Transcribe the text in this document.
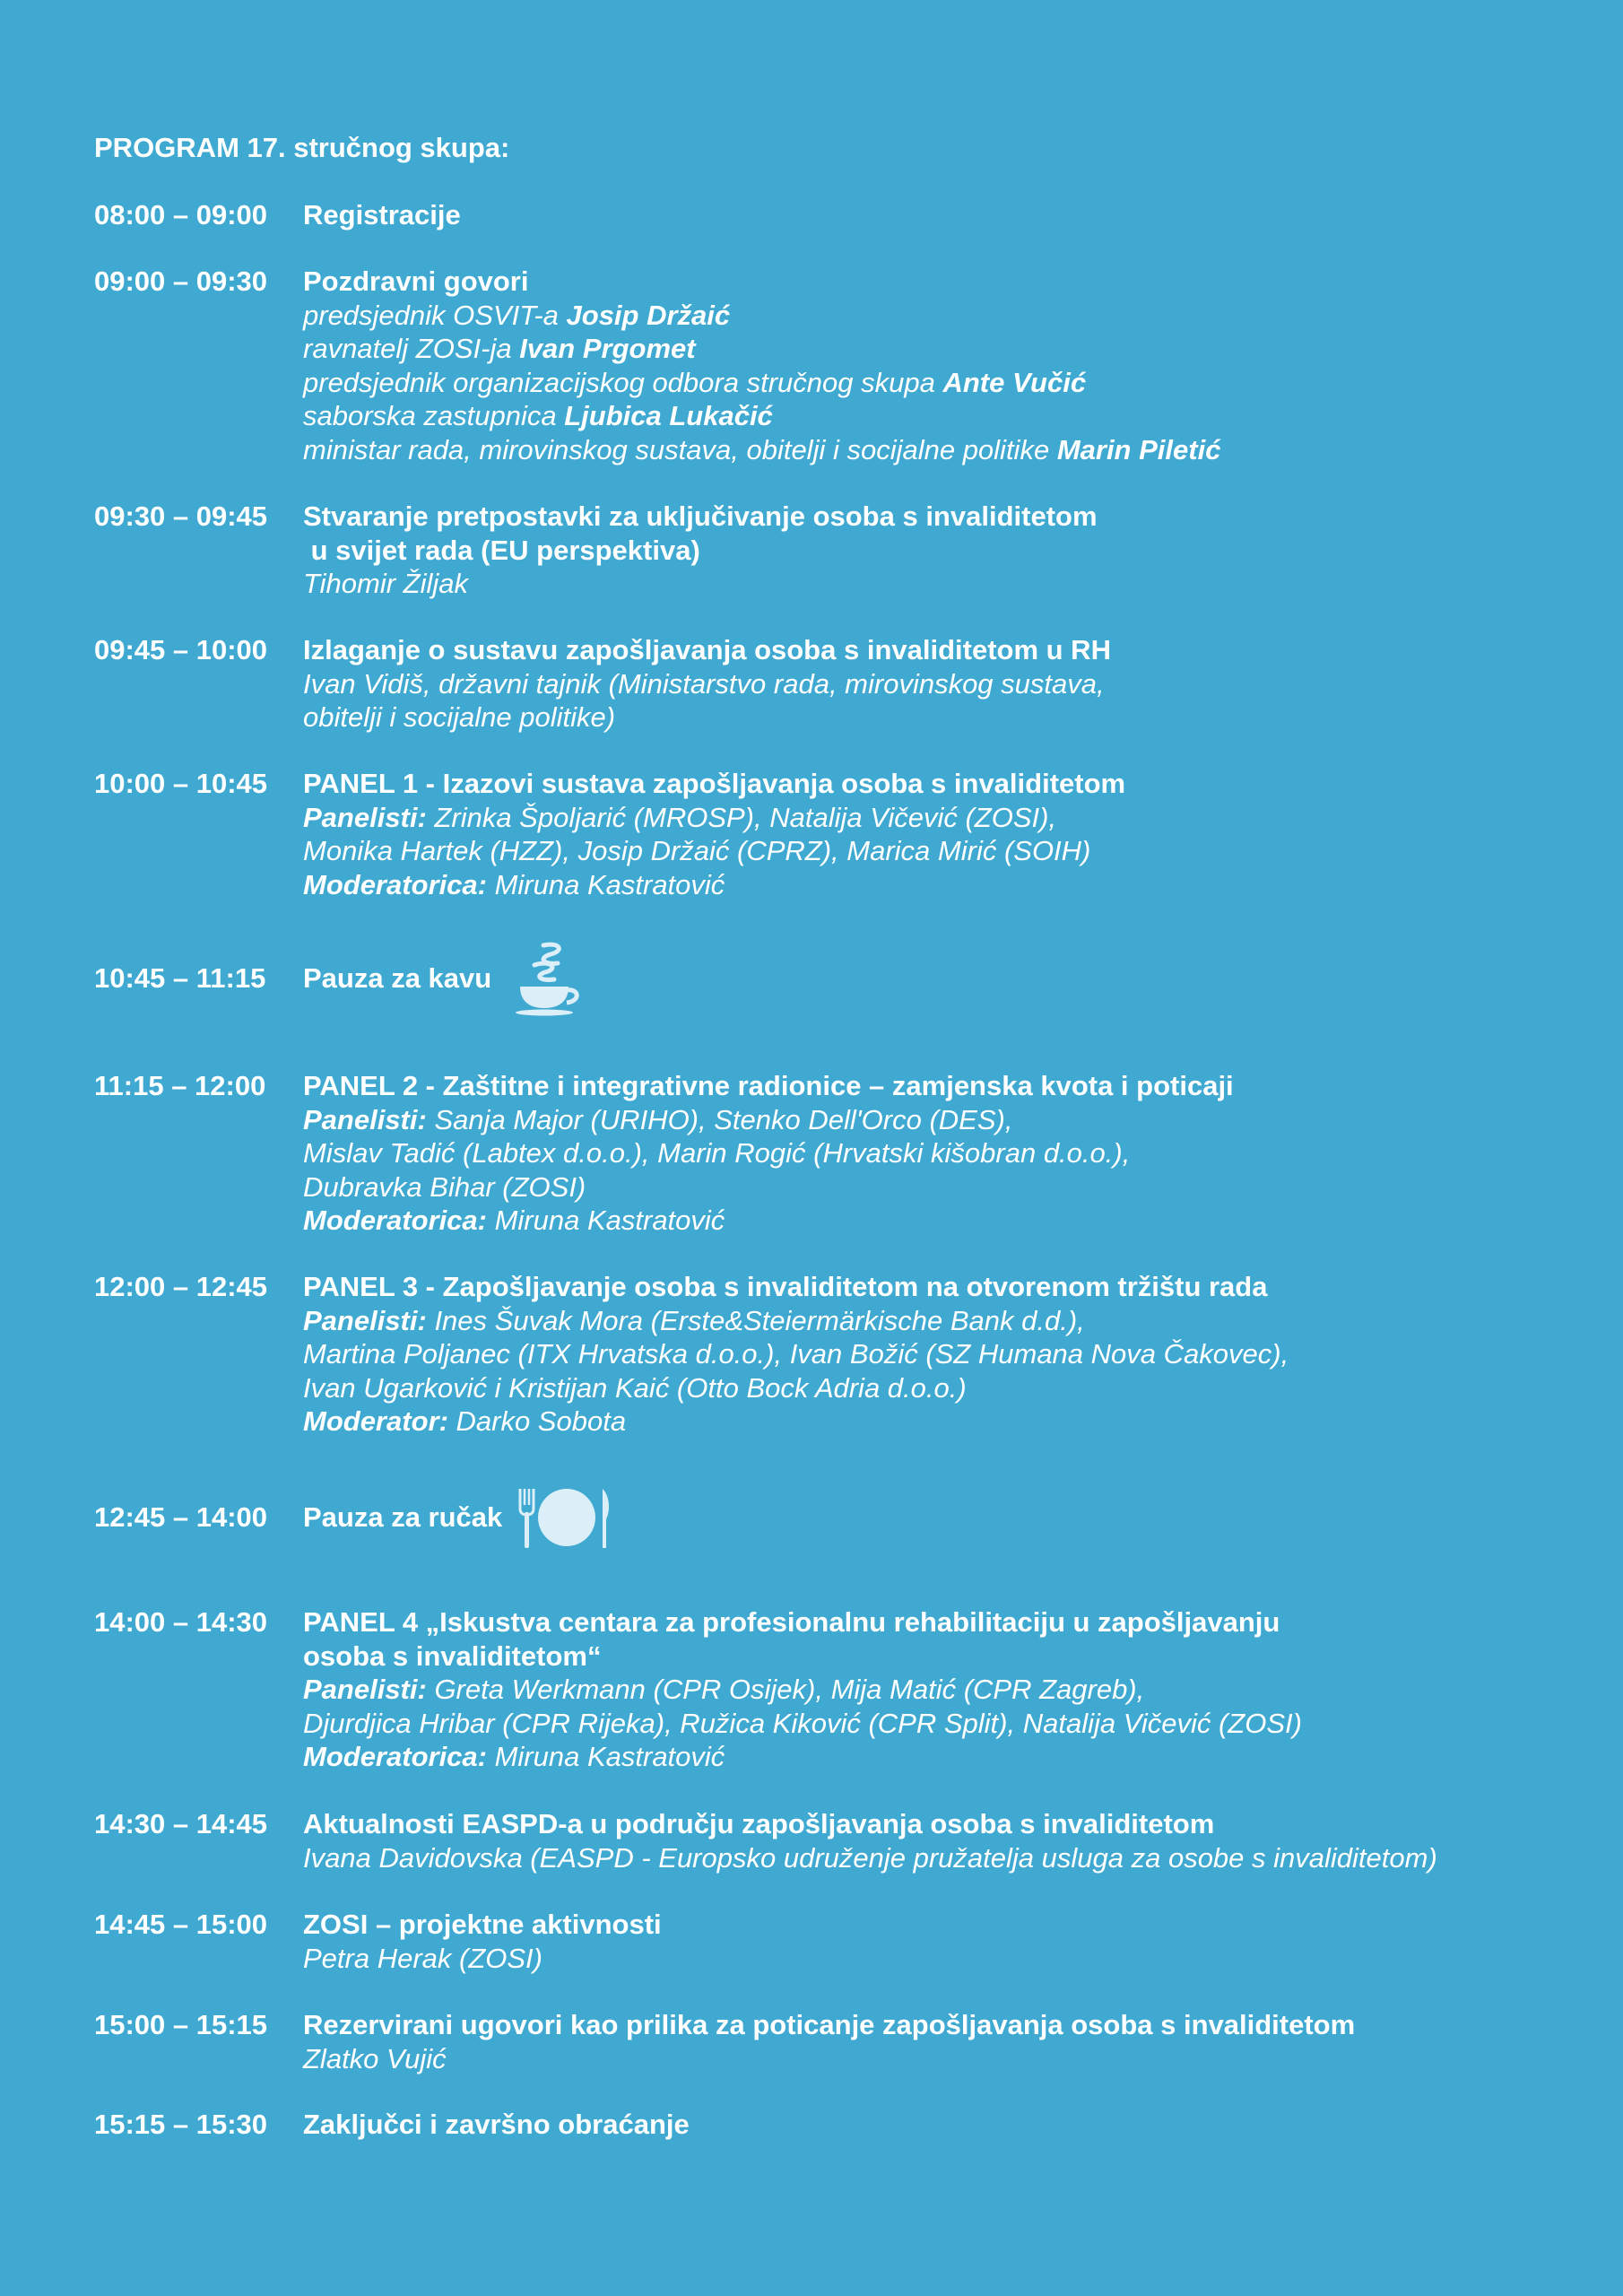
PROGRAM 17. stručnog skupa:
08:00 – 09:00	Registracije
09:00 – 09:30	Pozdravni govori
predsjednik OSVIT-a Josip Držaić
ravnatelj ZOSI-ja Ivan Prgomet
predsjednik organizacijskog odbora stručnog skupa Ante Vučić
saborska zastupnica Ljubica Lukačić
ministar rada, mirovinskog sustava, obitelji i socijalne politike Marin Piletić
09:30 – 09:45	Stvaranje pretpostavki za uključivanje osoba s invaliditetom
u svijet rada (EU perspektiva)
Tihomir Žiljak
09:45 – 10:00	Izlaganje o sustavu zapošljavanja osoba s invaliditetom u RH
Ivan Vidiš, državni tajnik (Ministarstvo rada, mirovinskog sustava,
obitelji i socijalne politike)
10:00 – 10:45	PANEL 1 - Izazovi sustava zapošljavanja osoba s invaliditetom
Panelisti: Zrinka Špoljarić (MROSP), Natalija Vičević (ZOSI),
Monika Hartek (HZZ), Josip Držaić (CPRZ), Marica Mirić (SOIH)
Moderatorica: Miruna Kastratović
10:45 – 11:15	Pauza za kavu
11:15 – 12:00	PANEL 2 - Zaštitne i integrativne radionice – zamjenska kvota i poticaji
Panelisti: Sanja Major (URIHO), Stenko Dell'Orco (DES),
Mislav Tadić (Labtex d.o.o.), Marin Rogić (Hrvatski kišobran d.o.o.),
Dubravka Bihar (ZOSI)
Moderatorica: Miruna Kastratović
12:00 – 12:45	PANEL 3 - Zapošljavanje osoba s invaliditetom na otvorenom tržištu rada
Panelisti: Ines Šuvak Mora (Erste&Steiermärkische Bank d.d.),
Martina Poljanec (ITX Hrvatska d.o.o.), Ivan Božić (SZ Humana Nova Čakovec),
Ivan Ugarković i Kristijan Kaić (Otto Bock Adria d.o.o.)
Moderator: Darko Sobota
12:45 – 14:00	Pauza za ručak
14:00 – 14:30	PANEL 4 „Iskustva centara za profesionalnu rehabilitaciju u zapošljavanju
osoba s invaliditetom“
Panelisti: Greta Werkmann (CPR Osijek), Mija Matić (CPR Zagreb),
Djurdjica Hribar (CPR Rijeka), Ružica Kiković (CPR Split), Natalija Vičević (ZOSI)
Moderatorica: Miruna Kastratović
14:30 – 14:45	Aktualnosti EASPD-a u području zapošljavanja osoba s invaliditetom
Ivana Davidovska (EASPD - Europsko udruženje pružatelja usluga za osobe s invaliditetom)
14:45 – 15:00	ZOSI – projektne aktivnosti
Petra Herak (ZOSI)
15:00 – 15:15	Rezervirani ugovori kao prilika za poticanje zapošljavanja osoba s invaliditetom
Zlatko Vujić
15:15 – 15:30	Zaključci i završno obraćanje
